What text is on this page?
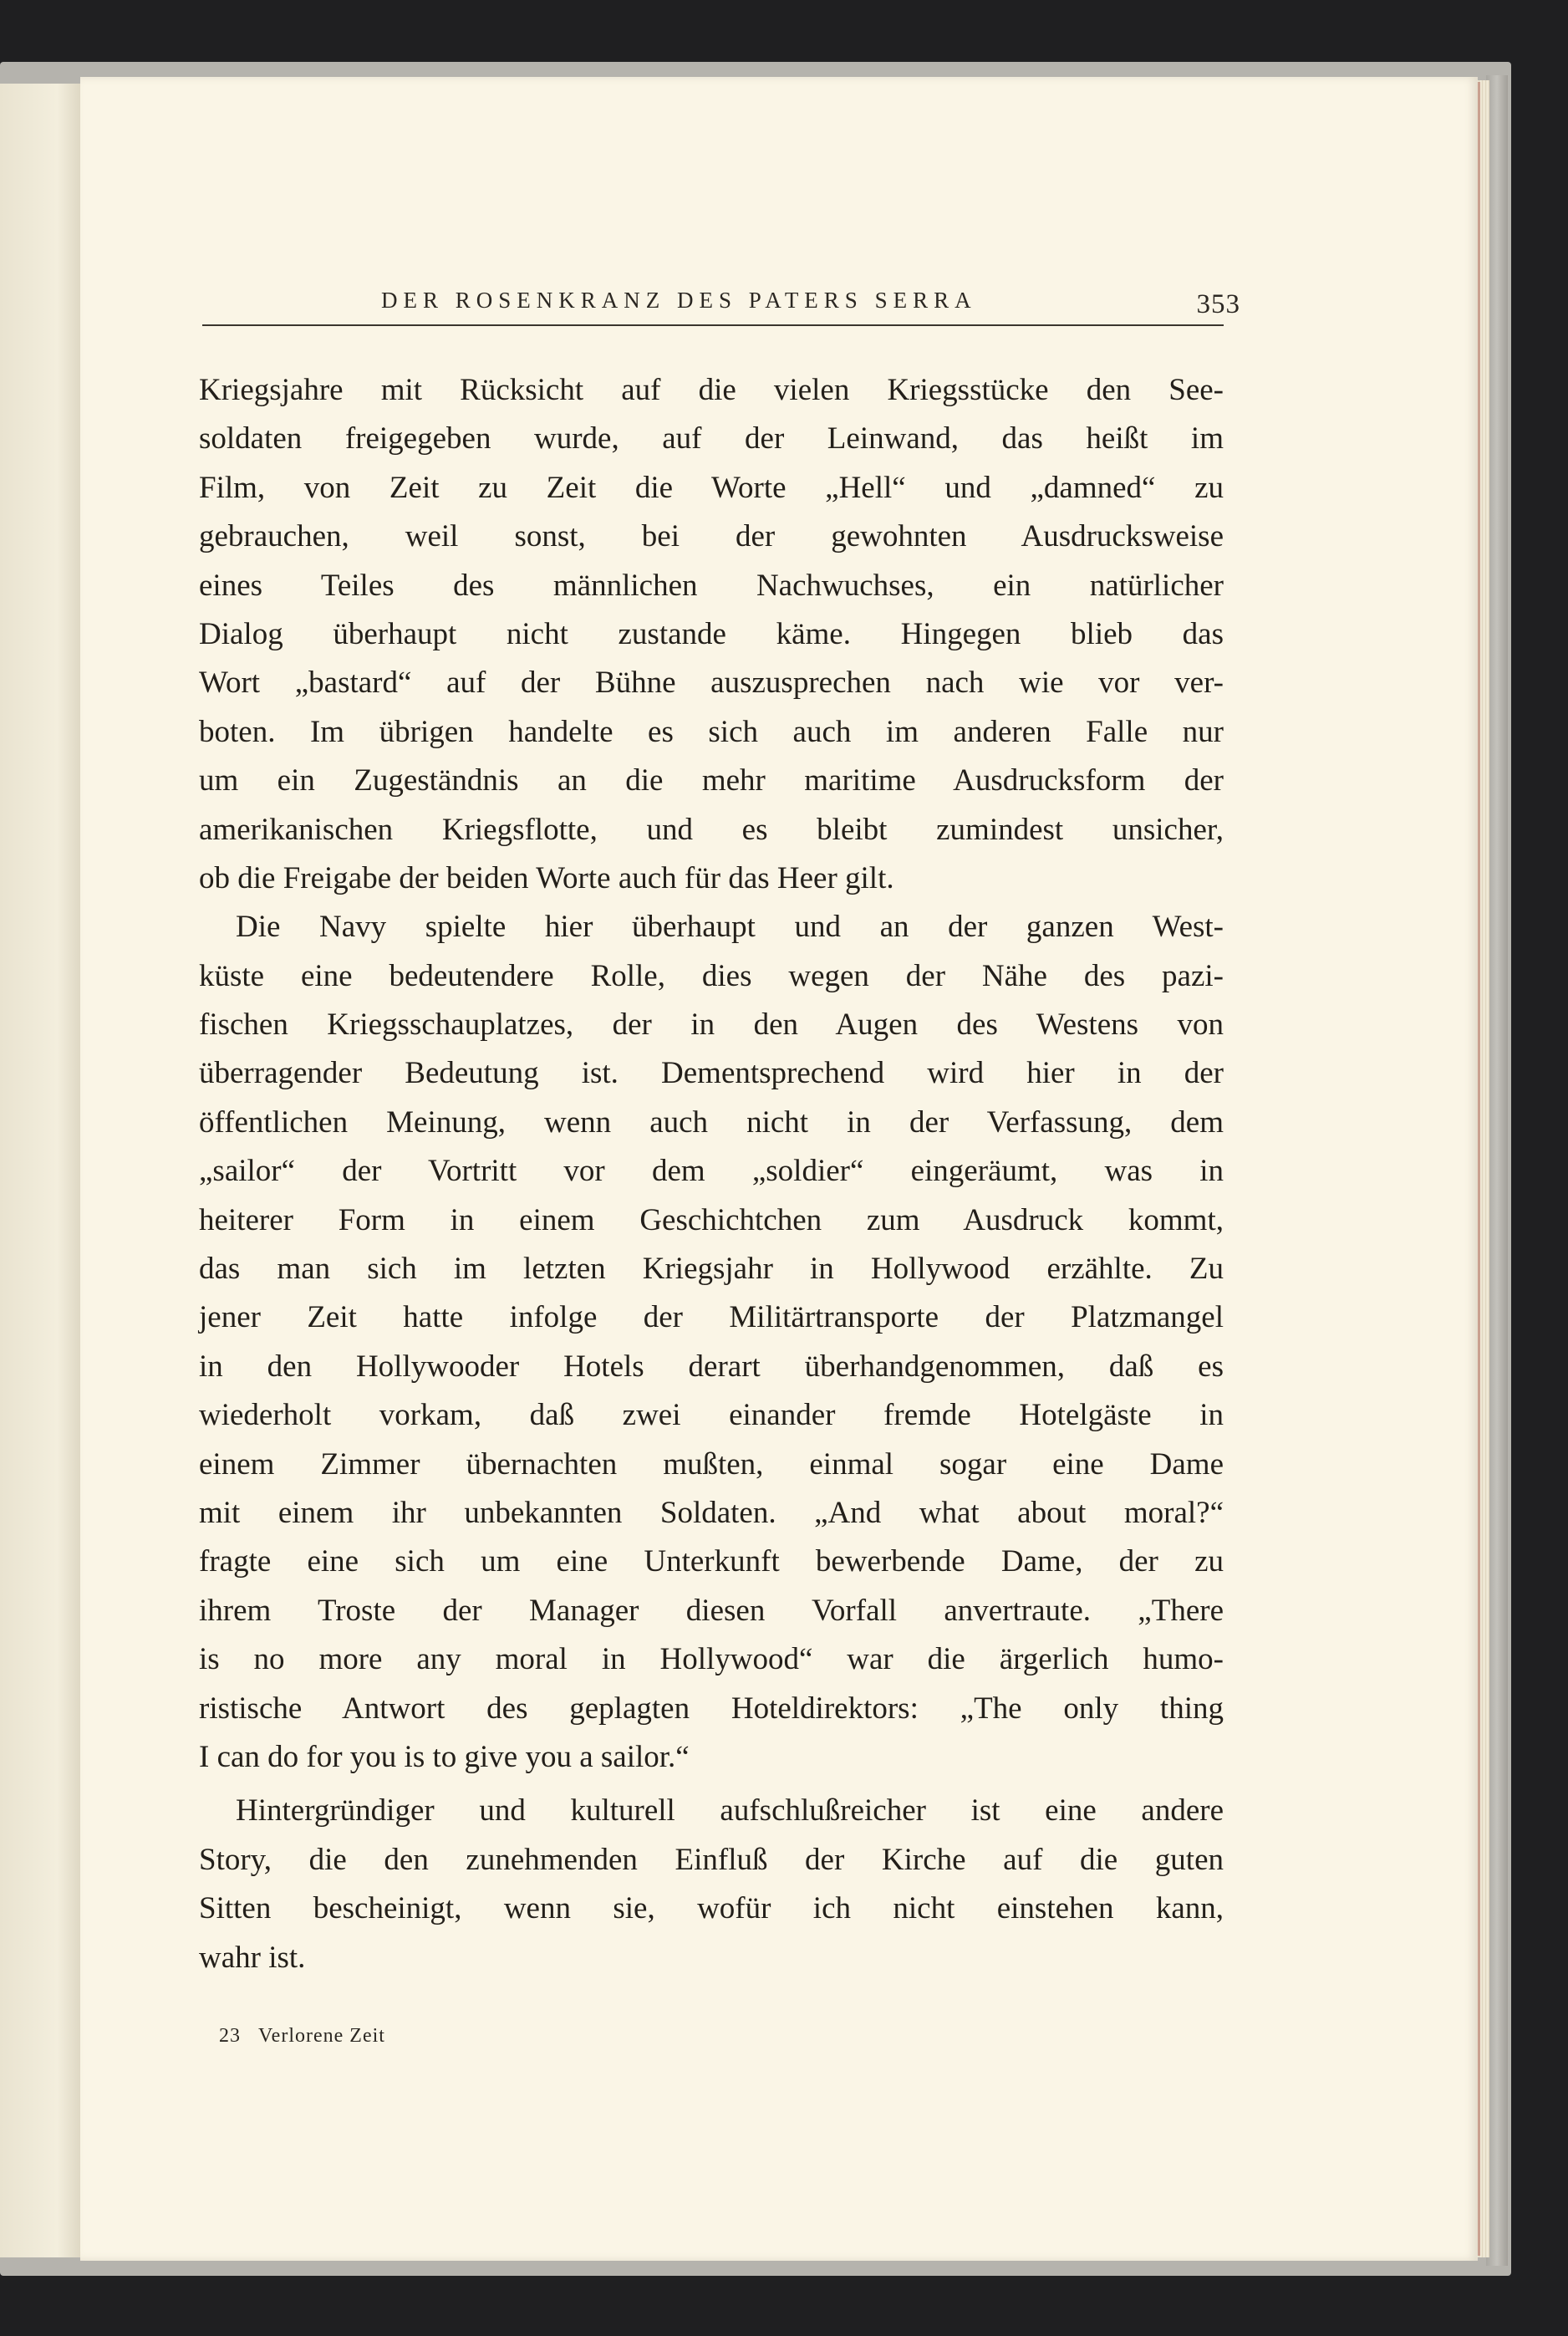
DER ROSENKRANZ DES PATERS SERRA	353
Kriegsjahre mit Rücksicht auf die vielen Kriegsstücke den See-
soldaten freigegeben wurde, auf der Leinwand, das heißt im
Film, von Zeit zu Zeit die Worte „Hell“ und „damned“ zu
gebrauchen, weil sonst, bei der gewohnten Ausdrucksweise
eines Teiles des männlichen Nachwuchses, ein natürlicher
Dialog überhaupt nicht zustande käme. Hingegen blieb das
Wort „bastard“ auf der Bühne auszusprechen nach wie vor ver-
boten. Im übrigen handelte es sich auch im anderen Falle nur
um ein Zugeständnis an die mehr maritime Ausdrucksform der
amerikanischen Kriegsflotte, und es bleibt zumindest unsicher,
ob die Freigabe der beiden Worte auch für das Heer gilt.
Die Navy spielte hier überhaupt und an der ganzen West-
küste eine bedeutendere Rolle, dies wegen der Nähe des pazi-
fischen Kriegsschauplatzes, der in den Augen des Westens von
überragender Bedeutung ist. Dementsprechend wird hier in der
öffentlichen Meinung, wenn auch nicht in der Verfassung, dem
„sailor“ der Vortritt vor dem „soldier“ eingeräumt, was in
heiterer Form in einem Geschichtchen zum Ausdruck kommt,
das man sich im letzten Kriegsjahr in Hollywood erzählte. Zu
jener Zeit hatte infolge der Militärtransporte der Platzmangel
in den Hollywooder Hotels derart überhandgenommen, daß es
wiederholt vorkam, daß zwei einander fremde Hotelgäste in
einem Zimmer übernachten mußten, einmal sogar eine Dame
mit einem ihr unbekannten Soldaten. „And what about moral?“
fragte eine sich um eine Unterkunft bewerbende Dame, der zu
ihrem Troste der Manager diesen Vorfall anvertraute. „There
is no more any moral in Hollywood“ war die ärgerlich humo-
ristische Antwort des geplagten Hoteldirektors: „The only thing
I can do for you is to give you a sailor.“
Hintergründiger und kulturell aufschlußreicher ist eine andere
Story, die den zunehmenden Einfluß der Kirche auf die guten
Sitten bescheinigt, wenn sie, wofür ich nicht einstehen kann,
wahr ist.
23 Verlorene Zeit
